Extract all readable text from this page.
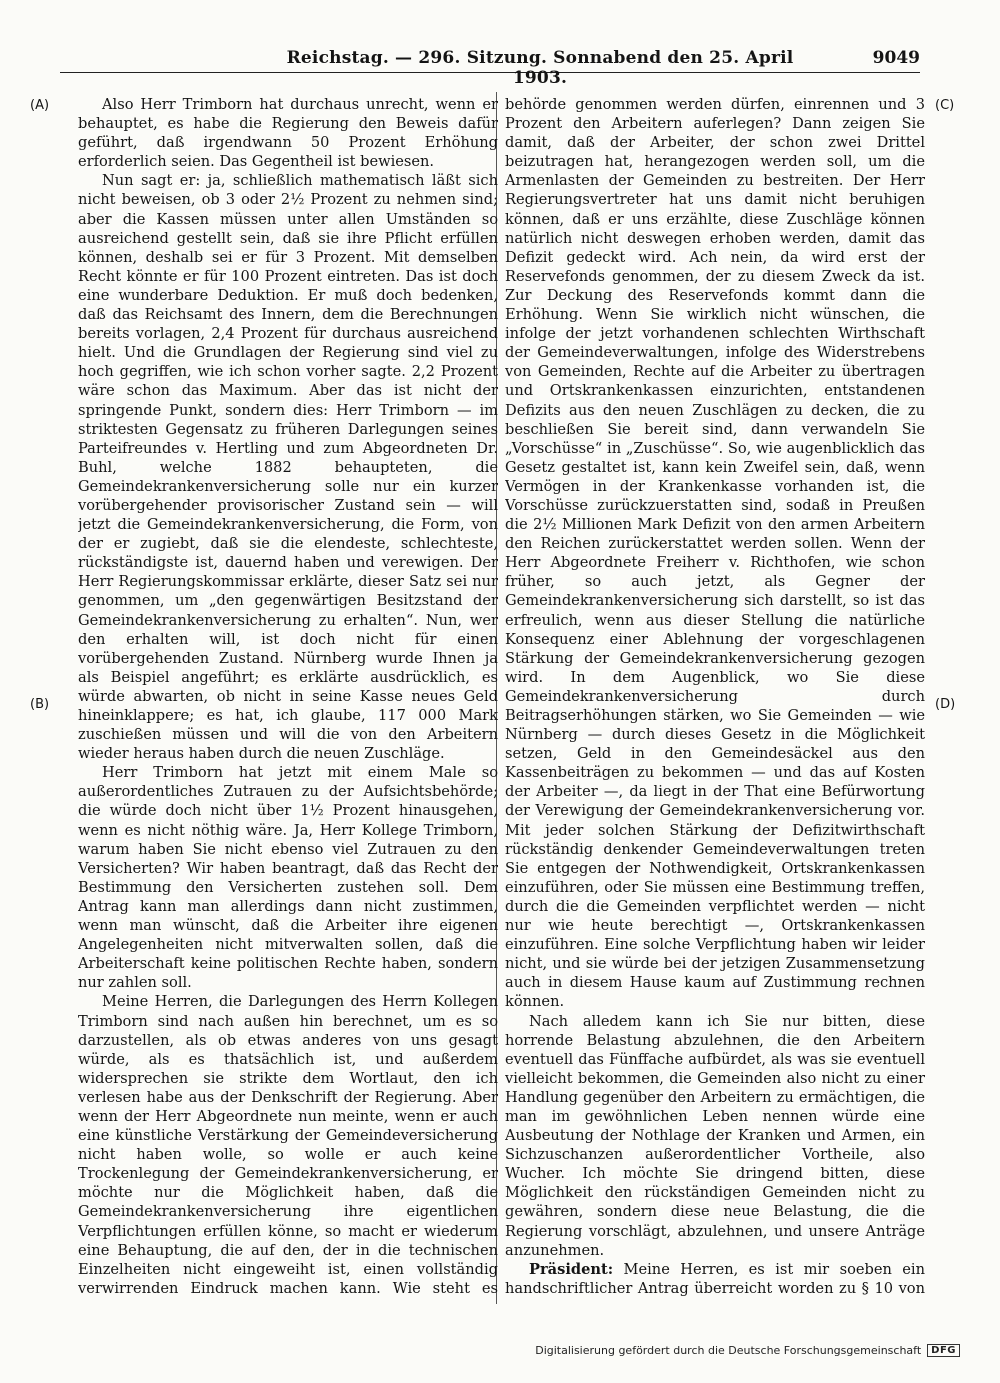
Reichstag. — 296. Sitzung. Sonnabend den 25. April 1903.
9049
(A)
(B)
(C)
(D)

Also Herr Trimborn hat durchaus unrecht, wenn er behauptet, es habe die Regierung den Beweis dafür geführt, daß irgendwann 50 Prozent Erhöhung erforderlich seien. Das Gegentheil ist bewiesen.

Nun sagt er: ja, schließlich mathematisch läßt sich nicht beweisen, ob 3 oder 2½ Prozent zu nehmen sind; aber die Kassen müssen unter allen Umständen so ausreichend gestellt sein, daß sie ihre Pflicht erfüllen können, deshalb sei er für 3 Prozent. Mit demselben Recht könnte er für 100 Prozent eintreten. Das ist doch eine wunderbare Deduktion. Er muß doch bedenken, daß das Reichsamt des Innern, dem die Berechnungen bereits vorlagen, 2,4 Prozent für durchaus ausreichend hielt. Und die Grundlagen der Regierung sind viel zu hoch gegriffen, wie ich schon vorher sagte. 2,2 Prozent wäre schon das Maximum. Aber das ist nicht der springende Punkt, sondern dies: Herr Trimborn — im striktesten Gegensatz zu früheren Darlegungen seines Parteifreundes v. Hertling und zum Abgeordneten Dr. Buhl, welche 1882 behaupteten, die Gemeindekrankenversicherung solle nur ein kurzer vorübergehender provisorischer Zustand sein — will jetzt die Gemeindekrankenversicherung, die Form, von der er zugiebt, daß sie die elendeste, schlechteste, rückständigste ist, dauernd haben und verewigen. Der Herr Regierungskommissar erklärte, dieser Satz sei nur genommen, um „den gegenwärtigen Besitzstand der Gemeindekrankenversicherung zu erhalten“. Nun, wer den erhalten will, ist doch nicht für einen vorübergehenden Zustand. Nürnberg wurde Ihnen ja als Beispiel angeführt; es erklärte ausdrücklich, es würde abwarten, ob nicht in seine Kasse neues Geld hineinklappere; es hat, ich glaube, 117 000 Mark zuschießen müssen und will die von den Arbeitern wieder heraus haben durch die neuen Zuschläge.

Herr Trimborn hat jetzt mit einem Male so außerordentliches Zutrauen zu der Aufsichtsbehörde; die würde doch nicht über 1½ Prozent hinausgehen, wenn es nicht nöthig wäre. Ja, Herr Kollege Trimborn, warum haben Sie nicht ebenso viel Zutrauen zu den Versicherten? Wir haben beantragt, daß das Recht der Bestimmung den Versicherten zustehen soll. Dem Antrag kann man allerdings dann nicht zustimmen, wenn man wünscht, daß die Arbeiter ihre eigenen Angelegenheiten nicht mitverwalten sollen, daß die Arbeiterschaft keine politischen Rechte haben, sondern nur zahlen soll.

Meine Herren, die Darlegungen des Herrn Kollegen Trimborn sind nach außen hin berechnet, um es so darzustellen, als ob etwas anderes von uns gesagt würde, als es thatsächlich ist, und außerdem widersprechen sie strikte dem Wortlaut, den ich verlesen habe aus der Denkschrift der Regierung. Aber wenn der Herr Abgeordnete nun meinte, wenn er auch eine künstliche Verstärkung der Gemeindeversicherung nicht haben wolle, so wolle er auch keine Trockenlegung der Gemeindekrankenversicherung, er möchte nur die Möglichkeit haben, daß die Gemeindekrankenversicherung ihre eigentlichen Verpflichtungen erfüllen könne, so macht er wiederum eine Behauptung, die auf den, der in die technischen Einzelheiten nicht eingeweiht ist, einen vollständig verwirrenden Eindruck machen kann. Wie steht es

behörde genommen werden dürfen, einrennen und 3 Prozent den Arbeitern auferlegen? Dann zeigen Sie damit, daß der Arbeiter, der schon zwei Drittel beizutragen hat, herangezogen werden soll, um die Armenlasten der Gemeinden zu bestreiten. Der Herr Regierungsvertreter hat uns damit nicht beruhigen können, daß er uns erzählte, diese Zuschläge können natürlich nicht deswegen erhoben werden, damit das Defizit gedeckt wird. Ach nein, da wird erst der Reservefonds genommen, der zu diesem Zweck da ist. Zur Deckung des Reservefonds kommt dann die Erhöhung. Wenn Sie wirklich nicht wünschen, die infolge der jetzt vorhandenen schlechten Wirthschaft der Gemeindeverwaltungen, infolge des Widerstrebens von Gemeinden, Rechte auf die Arbeiter zu übertragen und Ortskrankenkassen einzurichten, entstandenen Defizits aus den neuen Zuschlägen zu decken, die zu beschließen Sie bereit sind, dann verwandeln Sie „Vorschüsse“ in „Zuschüsse“. So, wie augenblicklich das Gesetz gestaltet ist, kann kein Zweifel sein, daß, wenn Vermögen in der Krankenkasse vorhanden ist, die Vorschüsse zurückzuerstatten sind, sodaß in Preußen die 2½ Millionen Mark Defizit von den armen Arbeitern den Reichen zurückerstattet werden sollen. Wenn der Herr Abgeordnete Freiherr v. Richthofen, wie schon früher, so auch jetzt, als Gegner der Gemeindekrankenversicherung sich darstellt, so ist das erfreulich, wenn aus dieser Stellung die natürliche Konsequenz einer Ablehnung der vorgeschlagenen Stärkung der Gemeindekrankenversicherung gezogen wird. In dem Augenblick, wo Sie diese Gemeindekrankenversicherung durch Beitragserhöhungen stärken, wo Sie Gemeinden — wie Nürnberg — durch dieses Gesetz in die Möglichkeit setzen, Geld in den Gemeindesäckel aus den Kassenbeiträgen zu bekommen — und das auf Kosten der Arbeiter —, da liegt in der That eine Befürwortung der Verewigung der Gemeindekrankenversicherung vor. Mit jeder solchen Stärkung der Defizitwirthschaft rückständig denkender Gemeindeverwaltungen treten Sie entgegen der Nothwendigkeit, Ortskrankenkassen einzuführen, oder Sie müssen eine Bestimmung treffen, durch die die Gemeinden verpflichtet werden — nicht nur wie heute berechtigt —, Ortskrankenkassen einzuführen. Eine solche Verpflichtung haben wir leider nicht, und sie würde bei der jetzigen Zusammensetzung auch in diesem Hause kaum auf Zustimmung rechnen können.

Nach alledem kann ich Sie nur bitten, diese horrende Belastung abzulehnen, die den Arbeitern eventuell das Fünffache aufbürdet, als was sie eventuell vielleicht bekommen, die Gemeinden also nicht zu einer Handlung gegenüber den Arbeitern zu ermächtigen, die man im gewöhnlichen Leben nennen würde eine Ausbeutung der Nothlage der Kranken und Armen, ein Sichzuschanzen außerordentlicher Vortheile, also Wucher. Ich möchte Sie dringend bitten, diese Möglichkeit den rückständigen Gemeinden nicht zu gewähren, sondern diese neue Belastung, die die Regierung vorschlägt, abzulehnen, und unsere Anträge anzunehmen.

Präsident: Meine Herren, es ist mir soeben ein handschriftlicher Antrag überreicht worden zu § 10 von

Digitalisierung gefördert durch die Deutsche Forschungsgemeinschaft	DFG
